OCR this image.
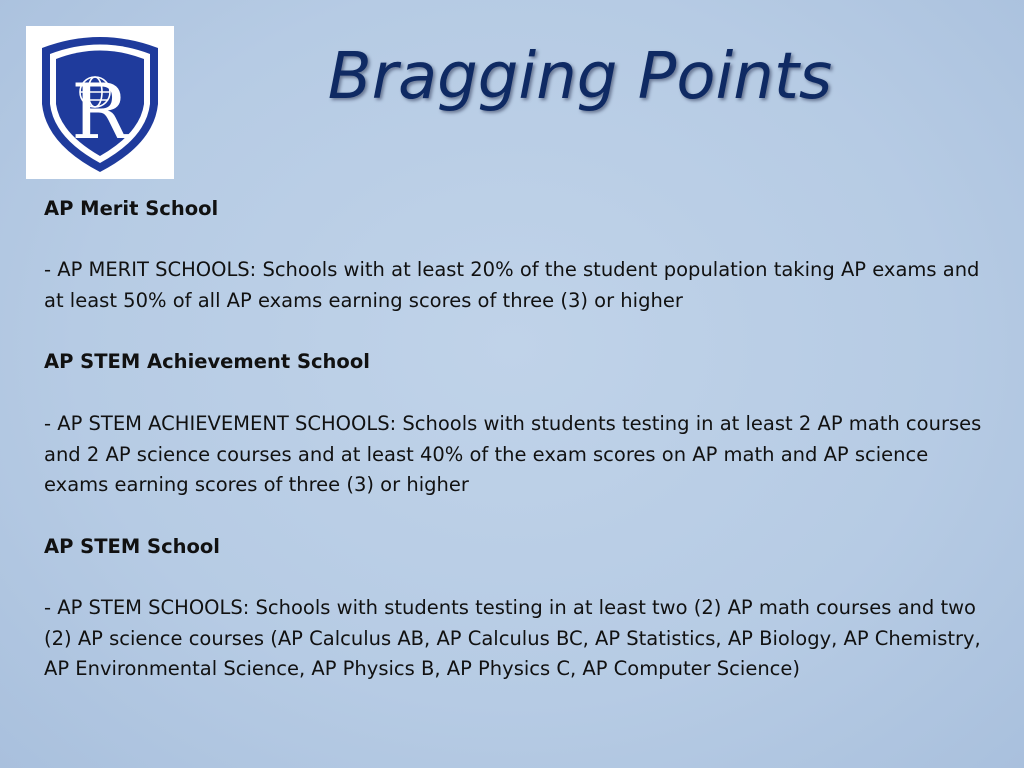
R	Bragging Points

AP Merit School

- AP MERIT SCHOOLS: Schools with at least 20% of the student population taking AP exams and at least 50% of all AP exams earning scores of three (3) or higher

AP STEM Achievement School

- AP STEM ACHIEVEMENT SCHOOLS: Schools with students testing in at least 2 AP math courses and 2 AP science courses and at least 40% of the exam scores on AP math and AP science exams earning scores of three (3) or higher

AP STEM School

- AP STEM SCHOOLS: Schools with students testing in at least two (2) AP math courses and two (2) AP science courses (AP Calculus AB, AP Calculus BC, AP Statistics, AP Biology, AP Chemistry, AP Environmental Science, AP Physics B, AP Physics C, AP Computer Science)
